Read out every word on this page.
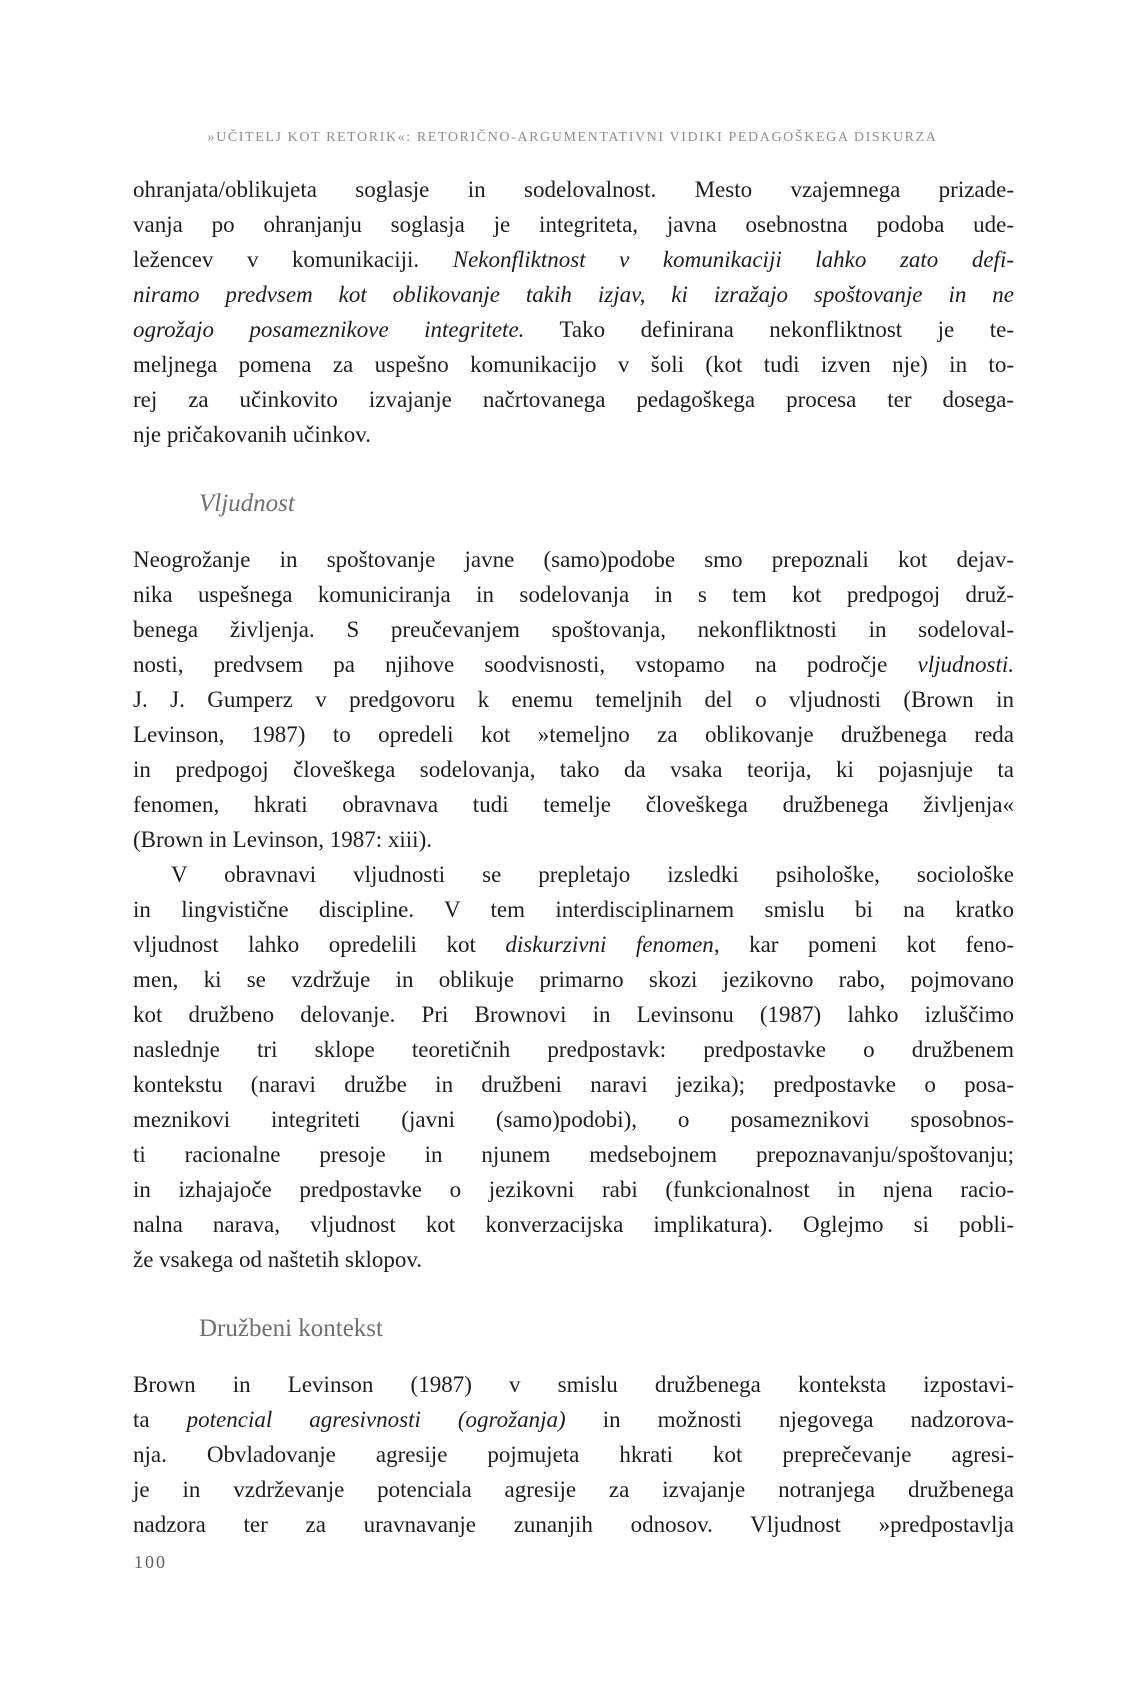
»UČITELJ KOT RETORIK«: RETORIČNO-ARGUMENTATIVNI VIDIKI PEDAGOŠKEGA DISKURZA
ohranjata/oblikujeta soglasje in sodelovalnost. Mesto vzajemnega prizade-
vanja po ohranjanju soglasja je integriteta, javna osebnostna podoba ude-
ležencev v komunikaciji. Nekonfliktnost v komunikaciji lahko zato defi-
niramo predvsem kot oblikovanje takih izjav, ki izražajo spoštovanje in ne
ogrožajo posameznikove integritete. Tako definirana nekonfliktnost je te-
meljnega pomena za uspešno komunikacijo v šoli (kot tudi izven nje) in to-
rej za učinkovito izvajanje načrtovanega pedagoškega procesa ter dosega-
nje pričakovanih učinkov.
Vljudnost
Neogrožanje in spoštovanje javne (samo)podobe smo prepoznali kot dejav-
nika uspešnega komuniciranja in sodelovanja in s tem kot predpogoj druž-
benega življenja. S preučevanjem spoštovanja, nekonfliktnosti in sodeloval-
nosti, predvsem pa njihove soodvisnosti, vstopamo na področje vljudnosti.
J. J. Gumperz v predgovoru k enemu temeljnih del o vljudnosti (Brown in
Levinson, 1987) to opredeli kot »temeljno za oblikovanje družbenega reda
in predpogoj človeškega sodelovanja, tako da vsaka teorija, ki pojasnjuje ta
fenomen, hkrati obravnava tudi temelje človeškega družbenega življenja«
(Brown in Levinson, 1987: xiii).
V obravnavi vljudnosti se prepletajo izsledki psihološke, sociološke
in lingvistične discipline. V tem interdisciplinarnem smislu bi na kratko
vljudnost lahko opredelili kot diskurzivni fenomen, kar pomeni kot feno-
men, ki se vzdržuje in oblikuje primarno skozi jezikovno rabo, pojmovano
kot družbeno delovanje. Pri Brownovi in Levinsonu (1987) lahko izluščimo
naslednje tri sklope teoretičnih predpostavk: predpostavke o družbenem
kontekstu (naravi družbe in družbeni naravi jezika); predpostavke o posa-
meznikovi integriteti (javni (samo)podobi), o posameznikovi sposobnos-
ti racionalne presoje in njunem medsebojnem prepoznavanju/spoštovanju;
in izhajajoče predpostavke o jezikovni rabi (funkcionalnost in njena racio-
nalna narava, vljudnost kot konverzacijska implikatura). Oglejmo si pobli-
že vsakega od naštetih sklopov.
Družbeni kontekst
Brown in Levinson (1987) v smislu družbenega konteksta izpostavi-
ta potencial agresivnosti (ogrožanja) in možnosti njegovega nadzorova-
nja. Obvladovanje agresije pojmujeta hkrati kot preprečevanje agresi-
je in vzdrževanje potenciala agresije za izvajanje notranjega družbenega
nadzora ter za uravnavanje zunanjih odnosov. Vljudnost »predpostavlja
100
